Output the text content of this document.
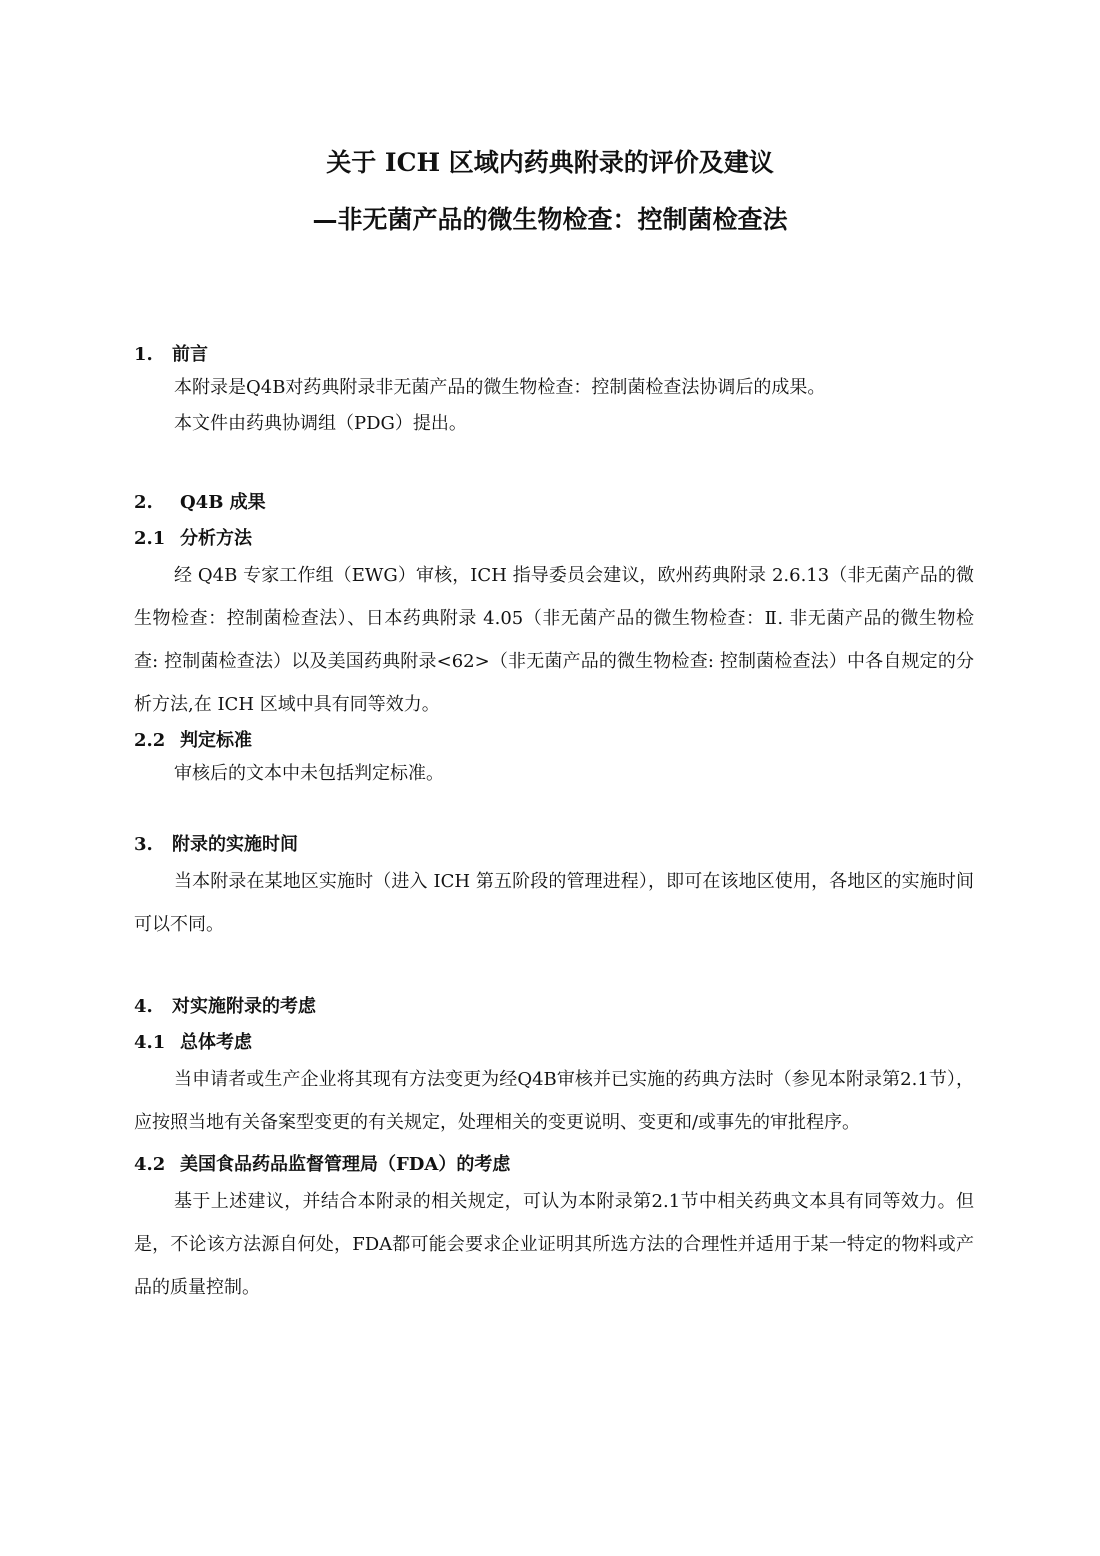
关于 ICH 区域内药典附录的评价及建议
—非无菌产品的微生物检查：控制菌检查法
1. 前言

本附录是Q4B对药典附录非无菌产品的微生物检查：控制菌检查法协调后的成果。

本文件由药典协调组（PDG）提出。

2. Q4B 成果
2.1 分析方法

经 Q4B 专家工作组（EWG）审核，ICH 指导委员会建议，欧州药典附录 2.6.13（非无菌产品的微生物检查：控制菌检查法）、日本药典附录 4.05（非无菌产品的微生物检查：Ⅱ. 非无菌产品的微生物检查: 控制菌检查法）以及美国药典附录<62>（非无菌产品的微生物检查: 控制菌检查法）中各自规定的分析方法,在 ICH 区域中具有同等效力。

2.2 判定标准

审核后的文本中未包括判定标准。

3. 附录的实施时间

当本附录在某地区实施时（进入 ICH 第五阶段的管理进程），即可在该地区使用，各地区的实施时间可以不同。

4. 对实施附录的考虑
4.1 总体考虑

当申请者或生产企业将其现有方法变更为经Q4B审核并已实施的药典方法时（参见本附录第2.1节），应按照当地有关备案型变更的有关规定，处理相关的变更说明、变更和/或事先的审批程序。

4.2 美国食品药品监督管理局（FDA）的考虑

基于上述建议，并结合本附录的相关规定，可认为本附录第2.1节中相关药典文本具有同等效力。但是，不论该方法源自何处，FDA都可能会要求企业证明其所选方法的合理性并适用于某一特定的物料或产品的质量控制。
